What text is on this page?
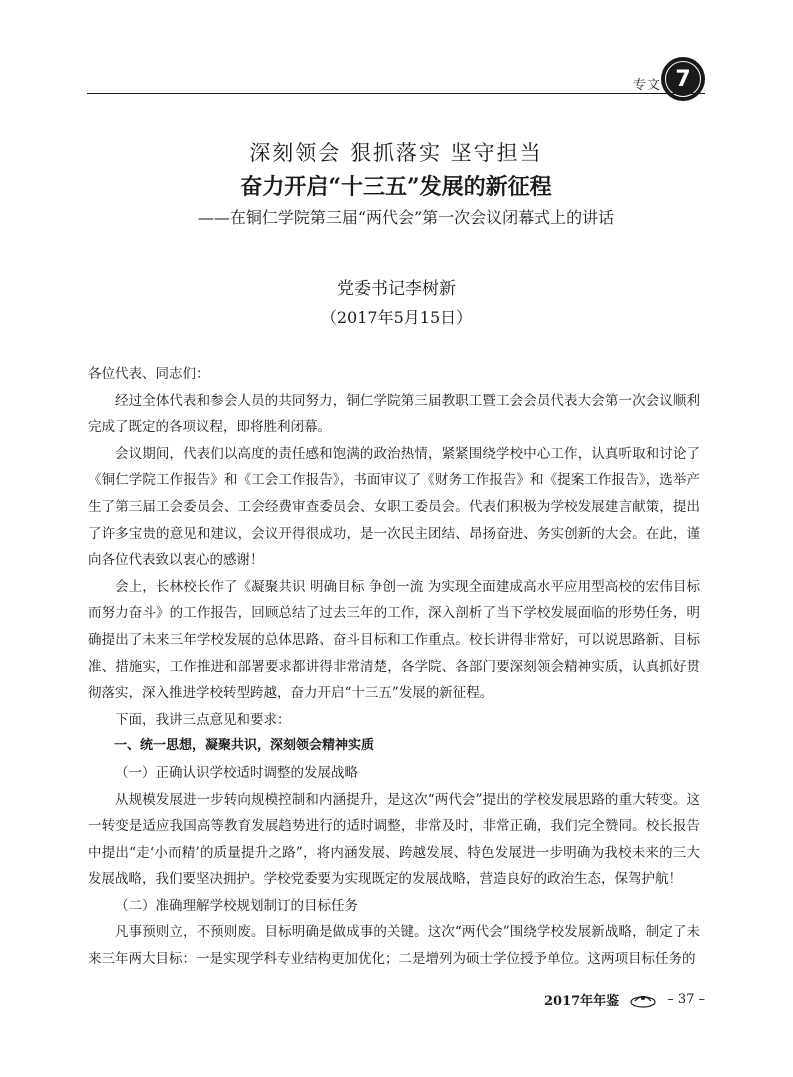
专文 7

深刻领会 狠抓落实 坚守担当

奋力开启“十三五”发展的新征程

——在铜仁学院第三届“两代会”第一次会议闭幕式上的讲话

党委书记李树新
（2017年5月15日）

各位代表、同志们：

经过全体代表和参会人员的共同努力，铜仁学院第三届教职工暨工会会员代表大会第一次会议顺利完成了既定的各项议程，即将胜利闭幕。

会议期间，代表们以高度的责任感和饱满的政治热情，紧紧围绕学校中心工作，认真听取和讨论了《铜仁学院工作报告》和《工会工作报告》，书面审议了《财务工作报告》和《提案工作报告》，选举产生了第三届工会委员会、工会经费审查委员会、女职工委员会。代表们积极为学校发展建言献策，提出了许多宝贵的意见和建议，会议开得很成功，是一次民主团结、昂扬奋进、务实创新的大会。在此，谨向各位代表致以衷心的感谢！

会上，长林校长作了《凝聚共识 明确目标 争创一流 为实现全面建成高水平应用型高校的宏伟目标而努力奋斗》的工作报告，回顾总结了过去三年的工作，深入剖析了当下学校发展面临的形势任务，明确提出了未来三年学校发展的总体思路、奋斗目标和工作重点。校长讲得非常好，可以说思路新、目标准、措施实，工作推进和部署要求都讲得非常清楚，各学院、各部门要深刻领会精神实质，认真抓好贯彻落实，深入推进学校转型跨越，奋力开启“十三五”发展的新征程。

下面，我讲三点意见和要求：

一、统一思想，凝聚共识，深刻领会精神实质

（一）正确认识学校适时调整的发展战略

从规模发展进一步转向规模控制和内涵提升，是这次“两代会”提出的学校发展思路的重大转变。这一转变是适应我国高等教育发展趋势进行的适时调整，非常及时，非常正确，我们完全赞同。校长报告中提出“走‘小而精’的质量提升之路”，将内涵发展、跨越发展、特色发展进一步明确为我校未来的三大发展战略，我们要坚决拥护。学校党委要为实现既定的发展战略，营造良好的政治生态，保驾护航！

（二）准确理解学校规划制订的目标任务

凡事预则立，不预则废。目标明确是做成事的关键。这次“两代会”围绕学校发展新战略，制定了未来三年两大目标：一是实现学科专业结构更加优化；二是增列为硕士学位授予单位。这两项目标任务的

2017年年鉴	– 37 –
